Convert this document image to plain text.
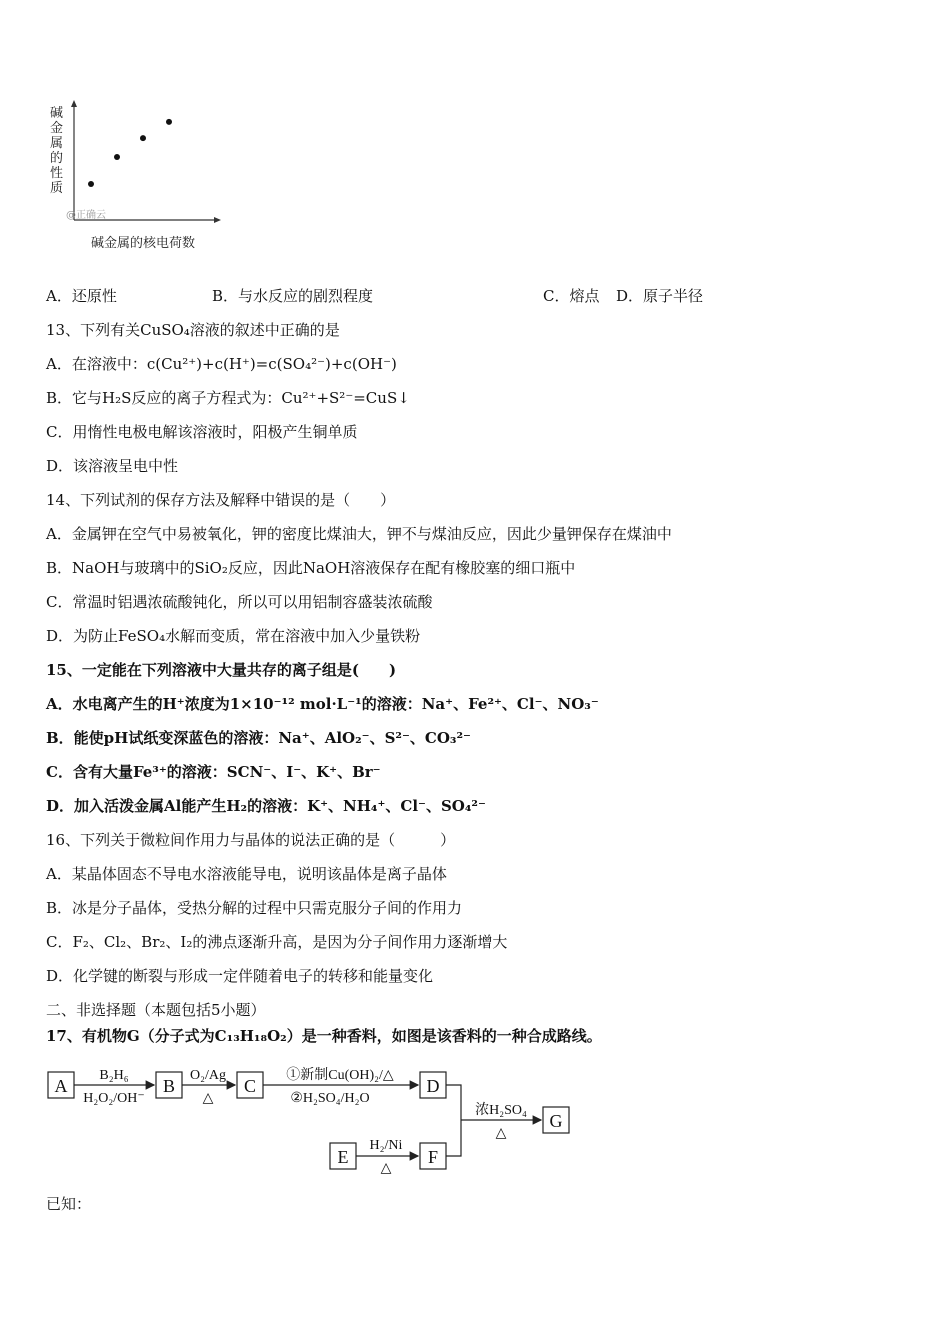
碱金属的性质
@正确云
碱金属的核电荷数
A．还原性	B．与水反应的剧烈程度	C．熔点 D．原子半径
13、下列有关CuSO₄溶液的叙述中正确的是
A．在溶液中：c(Cu²⁺)+c(H⁺)=c(SO₄²⁻)+c(OH⁻)
B．它与H₂S反应的离子方程式为：Cu²⁺+S²⁻=CuS↓
C．用惰性电极电解该溶液时，阳极产生铜单质
D．该溶液呈电中性
14、下列试剂的保存方法及解释中错误的是（　　）
A．金属钾在空气中易被氧化，钾的密度比煤油大，钾不与煤油反应，因此少量钾保存在煤油中
B．NaOH与玻璃中的SiO₂反应，因此NaOH溶液保存在配有橡胶塞的细口瓶中
C．常温时铝遇浓硫酸钝化，所以可以用铝制容盛装浓硫酸
D．为防止FeSO₄水解而变质，常在溶液中加入少量铁粉
15、一定能在下列溶液中大量共存的离子组是(　　)
A．水电离产生的H⁺浓度为1×10⁻¹² mol·L⁻¹的溶液：Na⁺、Fe²⁺、Cl⁻、NO₃⁻
B．能使pH试纸变深蓝色的溶液：Na⁺、AlO₂⁻、S²⁻、CO₃²⁻
C．含有大量Fe³⁺的溶液：SCN⁻、I⁻、K⁺、Br⁻
D．加入活泼金属Al能产生H₂的溶液：K⁺、NH₄⁺、Cl⁻、SO₄²⁻
16、下列关于微粒间作用力与晶体的说法正确的是（　　　）
A．某晶体固态不导电水溶液能导电，说明该晶体是离子晶体
B．冰是分子晶体，受热分解的过程中只需克服分子间的作用力
C．F₂、Cl₂、Br₂、I₂的沸点逐渐升高，是因为分子间作用力逐渐增大
D．化学键的断裂与形成一定伴随着电子的转移和能量变化
二、非选择题（本题包括5小题）
17、有机物G（分子式为C₁₃H₁₈O₂）是一种香料，如图是该香料的一种合成路线。
A	B	C	D
E	F
G
B₂H₆
H₂O₂/OH⁻
O₂/Ag
△
①新制Cu(OH)₂/△
②H₂SO₄/H₂O
H₂/Ni
△
浓H₂SO₄
△
已知：
